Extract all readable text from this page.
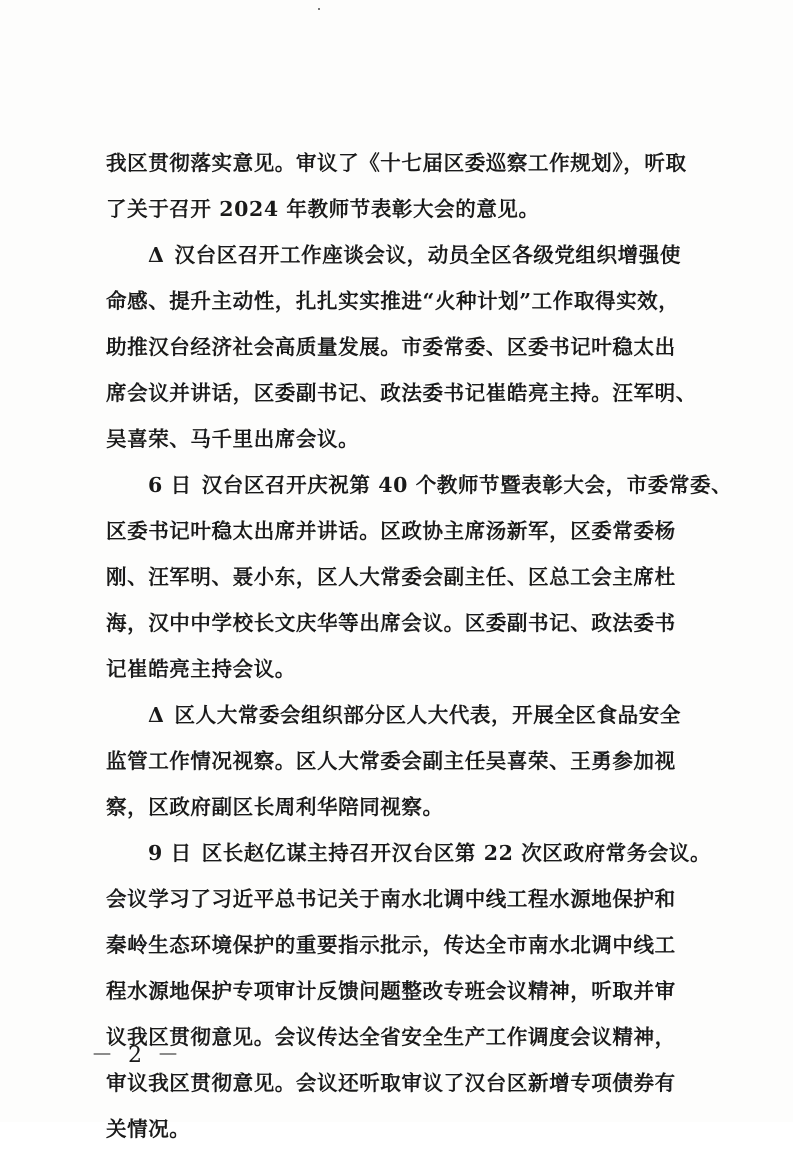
我区贯彻落实意见。审议了《十七届区委巡察工作规划》，听取
了关于召开 2024 年教师节表彰大会的意见。
Δ 汉台区召开工作座谈会议，动员全区各级党组织增强使
命感、提升主动性，扎扎实实推进“火种计划”工作取得实效，
助推汉台经济社会高质量发展。市委常委、区委书记叶稳太出
席会议并讲话，区委副书记、政法委书记崔皓亮主持。汪军明、
吴喜荣、马千里出席会议。
6 日 汉台区召开庆祝第 40 个教师节暨表彰大会，市委常委、
区委书记叶稳太出席并讲话。区政协主席汤新军，区委常委杨
刚、汪军明、聂小东，区人大常委会副主任、区总工会主席杜
海，汉中中学校长文庆华等出席会议。区委副书记、政法委书
记崔皓亮主持会议。
Δ 区人大常委会组织部分区人大代表，开展全区食品安全
监管工作情况视察。区人大常委会副主任吴喜荣、王勇参加视
察，区政府副区长周利华陪同视察。
9 日 区长赵亿谋主持召开汉台区第 22 次区政府常务会议。
会议学习了习近平总书记关于南水北调中线工程水源地保护和
秦岭生态环境保护的重要指示批示，传达全市南水北调中线工
程水源地保护专项审计反馈问题整改专班会议精神，听取并审
议我区贯彻意见。会议传达全省安全生产工作调度会议精神，
审议我区贯彻意见。会议还听取审议了汉台区新增专项债券有
关情况。
－ 2 －
